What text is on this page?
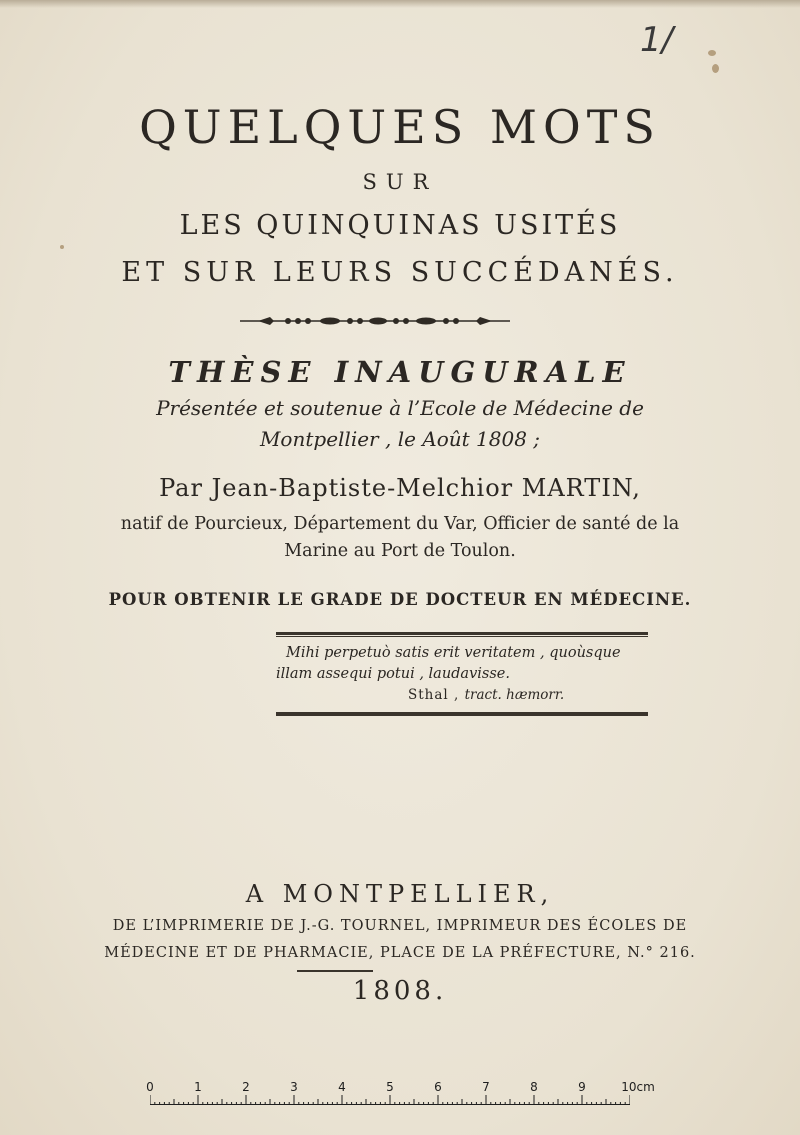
1/
QUELQUES MOTS
SUR
LES QUINQUINAS USITÉS
ET SUR LEURS SUCCÉDANÉS.
THÈSE INAUGURALE
Présentée et soutenue à l’Ecole de Médecine de
Montpellier , le Août 1808 ;
Par Jean-Baptiste-Melchior MARTIN,
natif de Pourcieux, Département du Var, Officier de santé de la
Marine au Port de Toulon.
POUR OBTENIR LE GRADE DE DOCTEUR EN MÉDECINE.
Mihi perpetuò satis erit veritatem , quoùsque
illam assequi potui , laudavisse.
Sthal , tract. hæmorr.
A MONTPELLIER,
DE L’IMPRIMERIE DE J.-G. TOURNEL, IMPRIMEUR DES ÉCOLES DE
MÉDECINE ET DE PHARMACIE, PLACE DE LA PRÉFECTURE, N.° 216.
1808.
0	1	2	3	4	5	6	7	8	9	10cm
